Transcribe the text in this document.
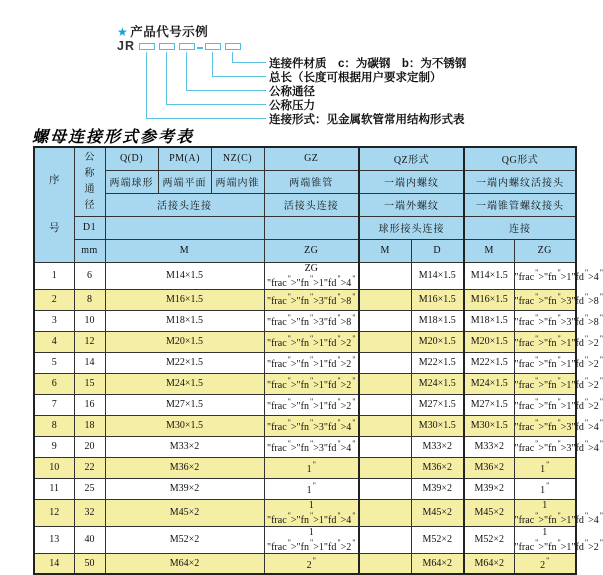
★ 产品代号示例
JR
连接件材质　c：为碳钢　b：为不锈钢
总长（长度可根据用户要求定制）
公称通径
公称压力
连接形式：见金属软管常用结构形式表
螺母连接形式参考表
序号	公称通径	Q(D)	PM(A)	NZ(C)	GZ	QZ形式		QG形式	
		两端球形	两端平面	两端内锥	两端锥管	一端内螺纹		一端内螺纹活接头	
		活接头连接			活接头连接	一端外螺纹		一端锥管螺纹接头	
	D1					球形接头连接		连接	
	mm	M			ZG	M	D	M	ZG
1	6	M14×1.5			ZG "frac">"fn">1"fd">4"		M14×1.5	M14×1.5	"frac">"fn">1"fd">4"
2	8	M16×1.5			"frac">"fn">3"fd">8"		M16×1.5	M16×1.5	"frac">"fn">3"fd">8"
3	10	M18×1.5			"frac">"fn">3"fd">8"		M18×1.5	M18×1.5	"frac">"fn">3"fd">8"
4	12	M20×1.5			"frac">"fn">1"fd">2"		M20×1.5	M20×1.5	"frac">"fn">1"fd">2"
5	14	M22×1.5			"frac">"fn">1"fd">2"		M22×1.5	M22×1.5	"frac">"fn">1"fd">2"
6	15	M24×1.5			"frac">"fn">1"fd">2"		M24×1.5	M24×1.5	"frac">"fn">1"fd">2"
7	16	M27×1.5			"frac">"fn">1"fd">2"		M27×1.5	M27×1.5	"frac">"fn">1"fd">2"
8	18	M30×1.5			"frac">"fn">3"fd">4"		M30×1.5	M30×1.5	"frac">"fn">3"fd">4"
9	20	M33×2			"frac">"fn">3"fd">4"		M33×2	M33×2	"frac">"fn">3"fd">4"
10	22	M36×2			1"		M36×2	M36×2	1"
11	25	M39×2			1"		M39×2	M39×2	1"
12	32	M45×2			1 "frac">"fn">1"fd">4"		M45×2	M45×2	1 "frac">"fn">1"fd">4"
13	40	M52×2			1 "frac">"fn">1"fd">2"		M52×2	M52×2	1 "frac">"fn">1"fd">2"
14	50	M64×2			2"		M64×2	M64×2	2"
